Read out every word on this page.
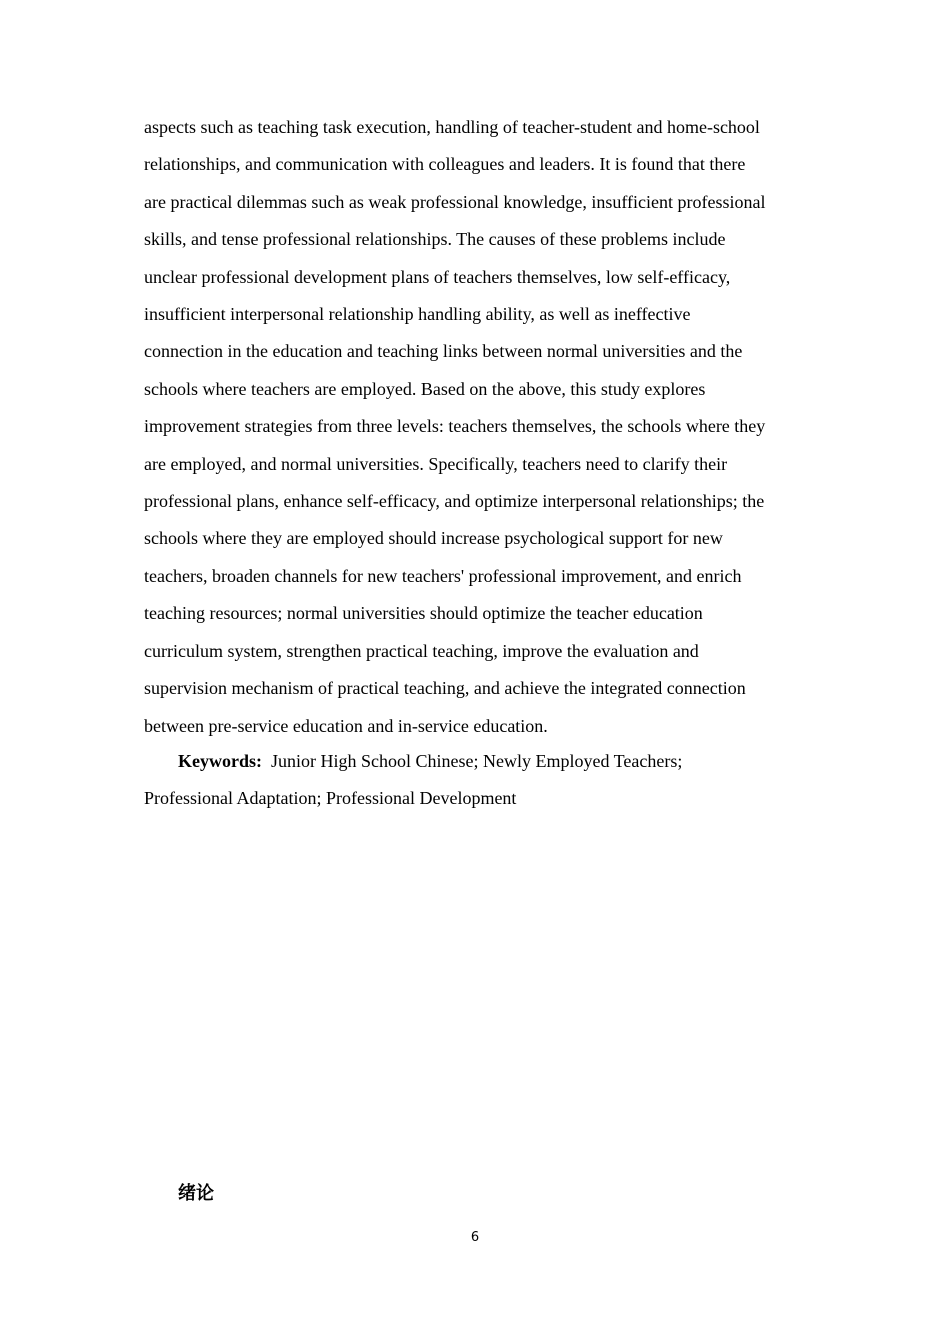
aspects such as teaching task execution, handling of teacher-student and home-school
relationships, and communication with colleagues and leaders. It is found that there
are practical dilemmas such as weak professional knowledge, insufficient professional
skills, and tense professional relationships. The causes of these problems include
unclear professional development plans of teachers themselves, low self-efficacy,
insufficient interpersonal relationship handling ability, as well as ineffective
connection in the education and teaching links between normal universities and the
schools where teachers are employed. Based on the above, this study explores
improvement strategies from three levels: teachers themselves, the schools where they
are employed, and normal universities. Specifically, teachers need to clarify their
professional plans, enhance self-efficacy, and optimize interpersonal relationships; the
schools where they are employed should increase psychological support for new
teachers, broaden channels for new teachers' professional improvement, and enrich
teaching resources; normal universities should optimize the teacher education
curriculum system, strengthen practical teaching, improve the evaluation and
supervision mechanism of practical teaching, and achieve the integrated connection
between pre-service education and in-service education.

Keywords: Junior High School Chinese; Newly Employed Teachers;
Professional Adaptation; Professional Development

绪论
6
